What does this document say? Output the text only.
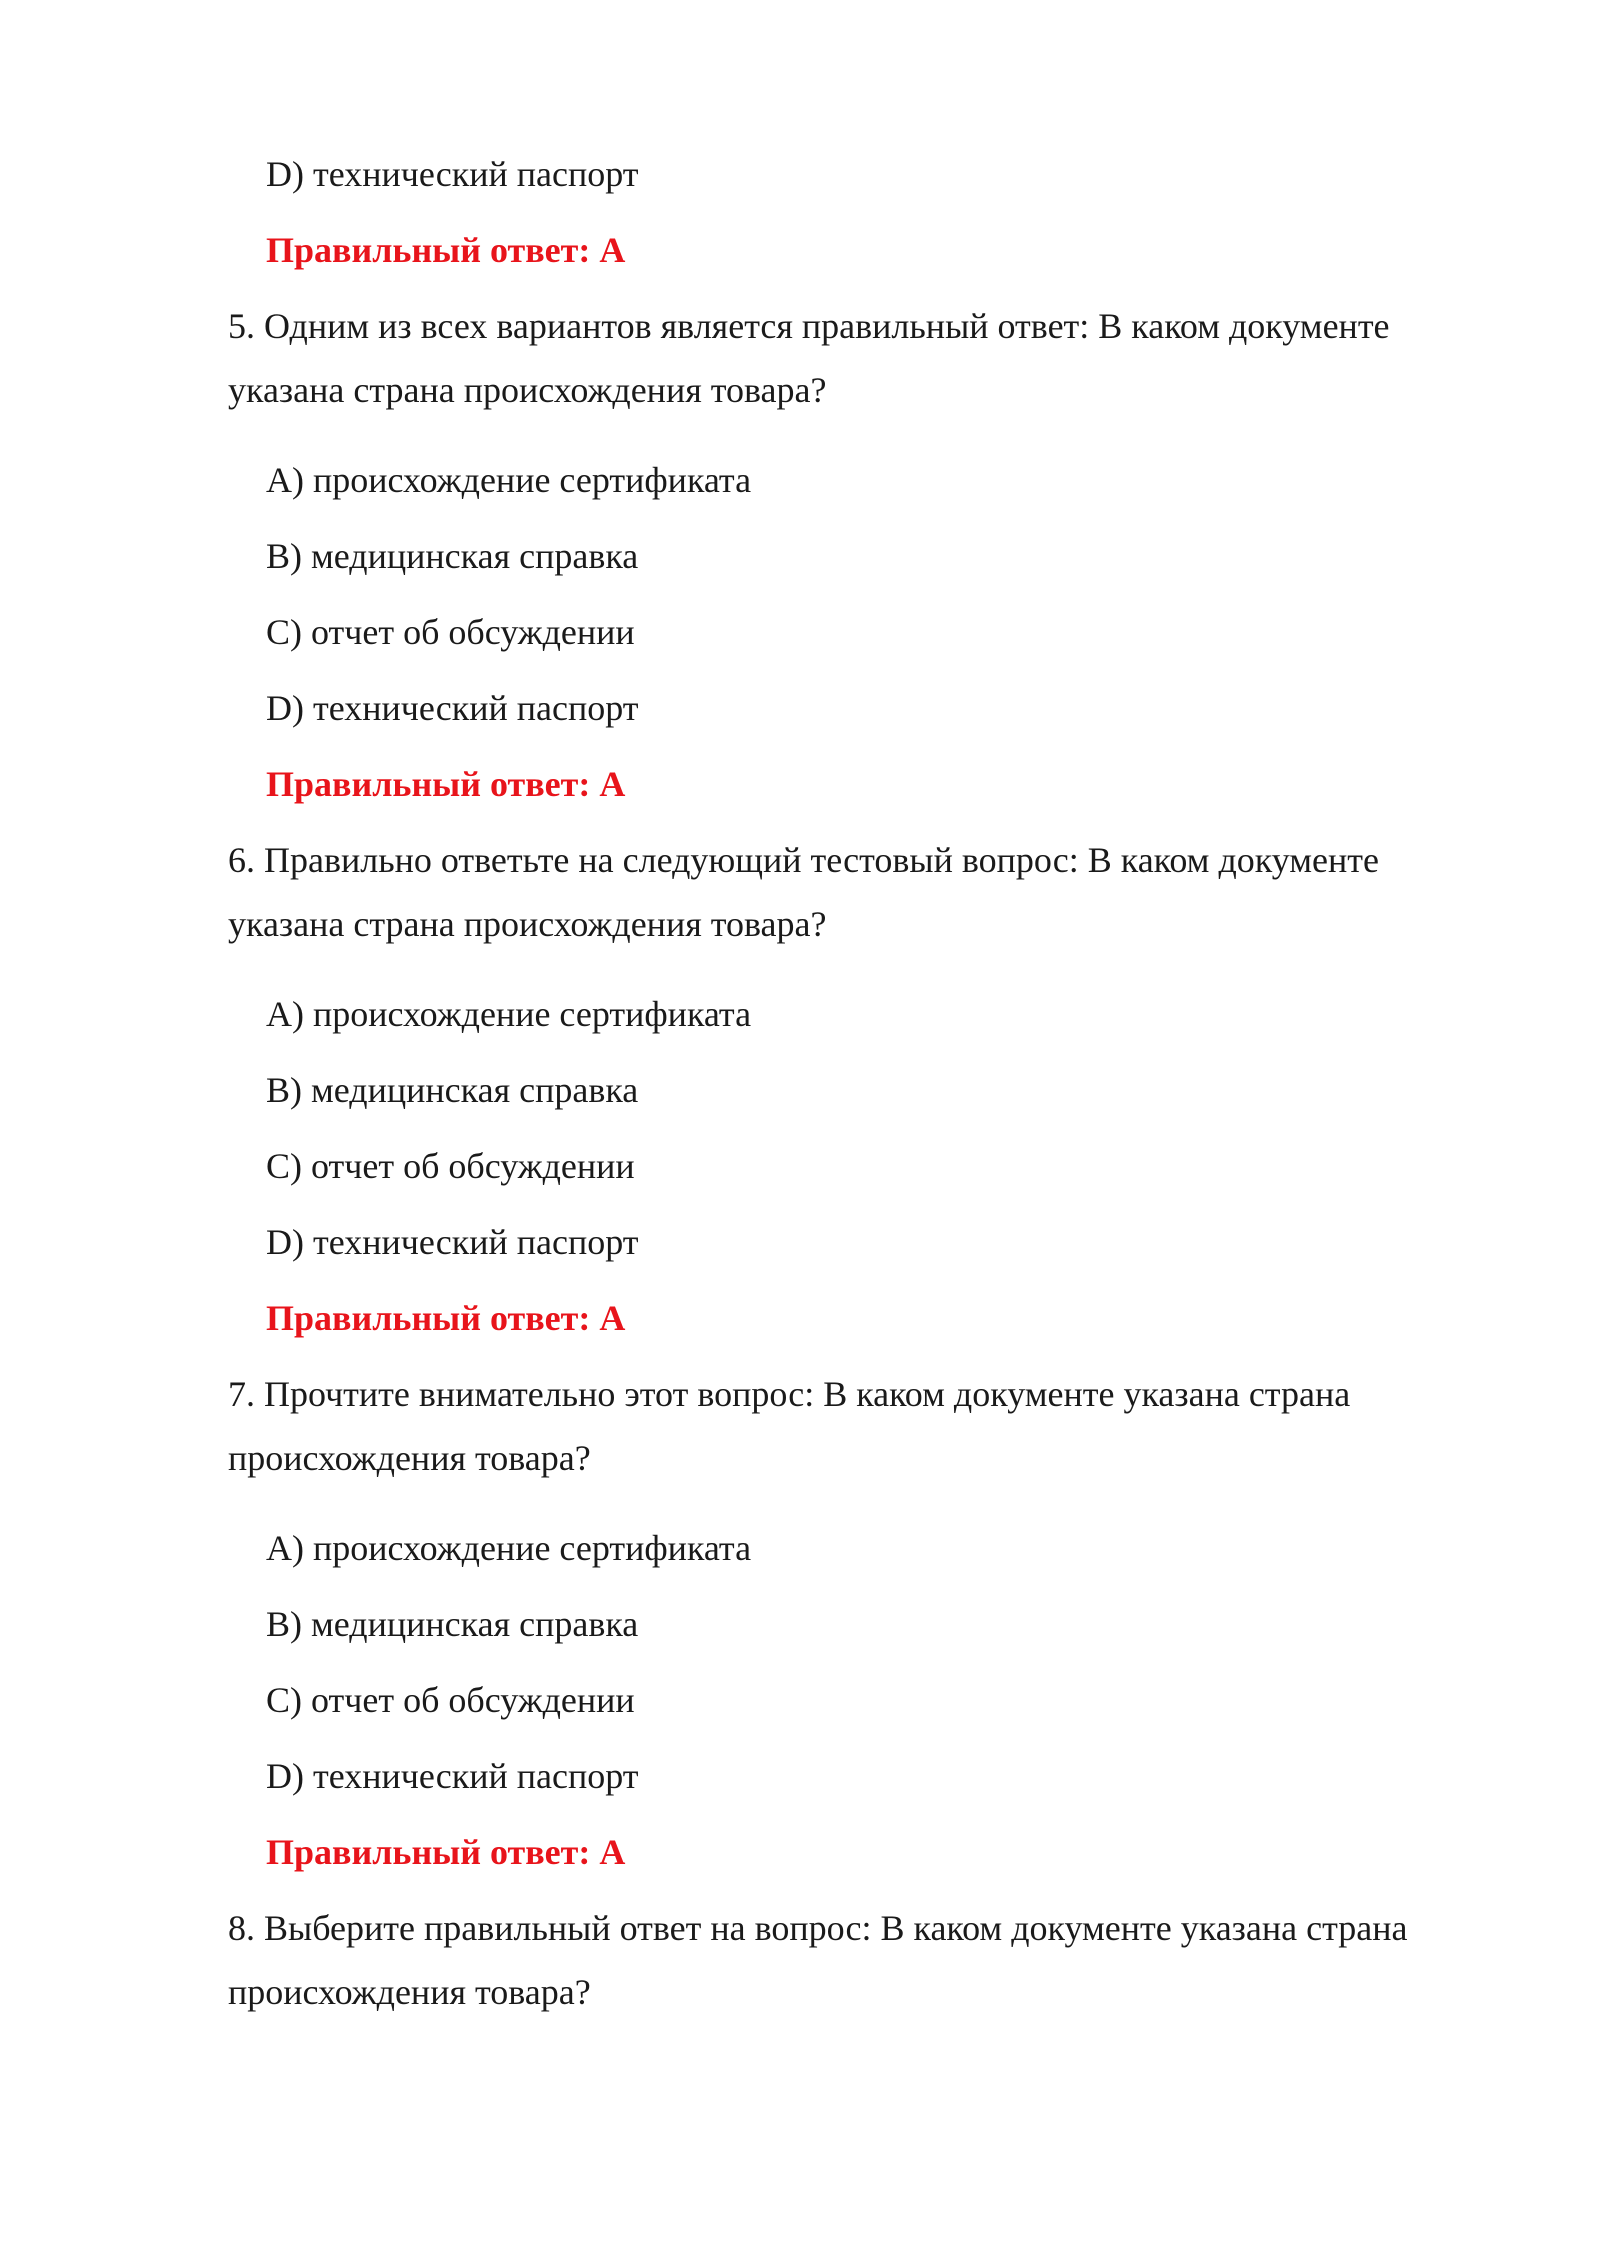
D) технический паспорт
Правильный ответ: А
5. Одним из всех вариантов является правильный ответ: В каком документе
указана страна происхождения товара?
А) происхождение сертификата
B) медицинская справка
C) отчет об обсуждении
D) технический паспорт
Правильный ответ: А
6. Правильно ответьте на следующий тестовый вопрос: В каком документе
указана страна происхождения товара?
А) происхождение сертификата
B) медицинская справка
C) отчет об обсуждении
D) технический паспорт
Правильный ответ: А
7. Прочтите внимательно этот вопрос: В каком документе указана страна
происхождения товара?
А) происхождение сертификата
B) медицинская справка
C) отчет об обсуждении
D) технический паспорт
Правильный ответ: А
8. Выберите правильный ответ на вопрос: В каком документе указана страна
происхождения товара?
